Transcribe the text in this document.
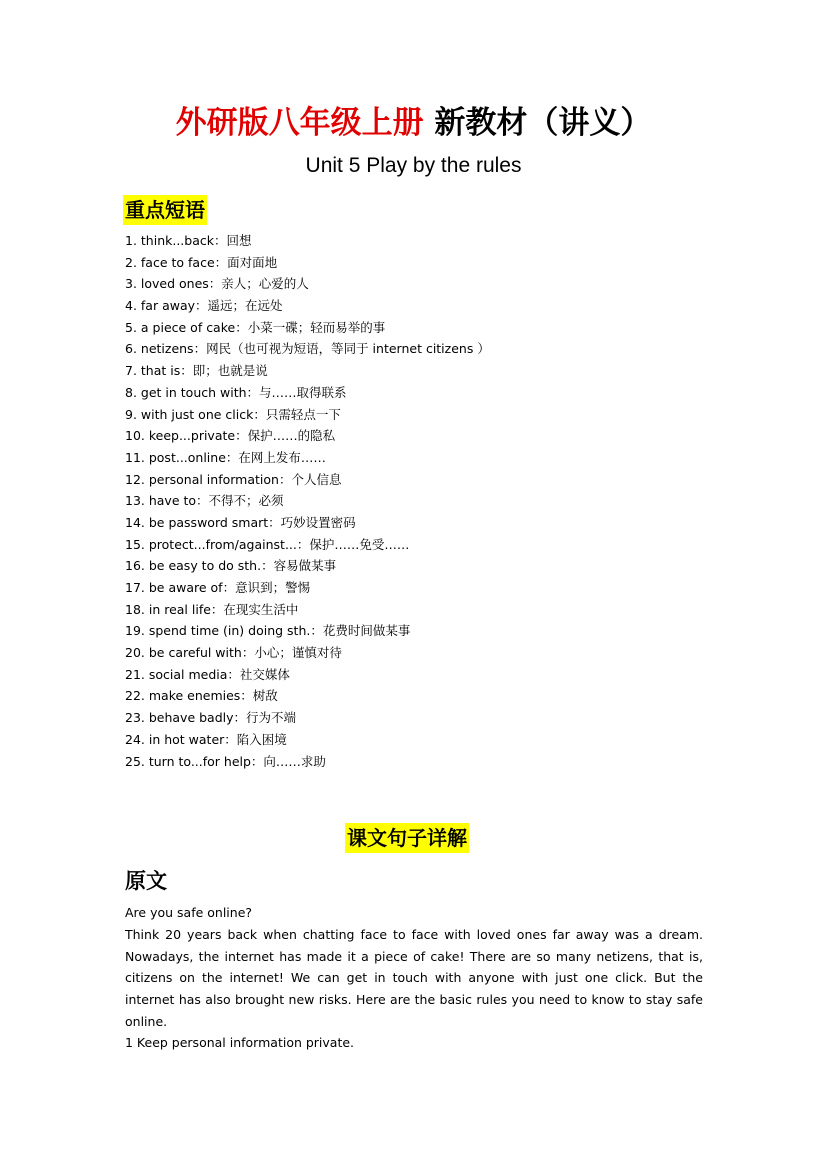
外研版八年级上册 新教材（讲义）
Unit 5 Play by the rules
重点短语
1. think...back：回想
2. face to face：面对面地
3. loved ones：亲人；心爱的人
4. far away：遥远；在远处
5. a piece of cake：小菜一碟；轻而易举的事
6. netizens：网民（也可视为短语，等同于 internet citizens ）
7. that is：即；也就是说
8. get in touch with：与……取得联系
9. with just one click：只需轻点一下
10. keep...private：保护……的隐私
11. post...online：在网上发布……
12. personal information：个人信息
13. have to：不得不；必须
14. be password smart：巧妙设置密码
15. protect...from/against...：保护……免受……
16. be easy to do sth.：容易做某事
17. be aware of：意识到；警惕
18. in real life：在现实生活中
19. spend time (in) doing sth.：花费时间做某事
20. be careful with：小心；谨慎对待
21. social media：社交媒体
22. make enemies：树敌
23. behave badly：行为不端
24. in hot water：陷入困境
25. turn to...for help：向……求助
课文句子详解
原文
Are you safe online?
Think 20 years back when chatting face to face with loved ones far away was a dream. Nowadays, the internet has made it a piece of cake! There are so many netizens, that is, citizens on the internet! We can get in touch with anyone with just one click. But the internet has also brought new risks. Here are the basic rules you need to know to stay safe online.
1 Keep personal information private.
